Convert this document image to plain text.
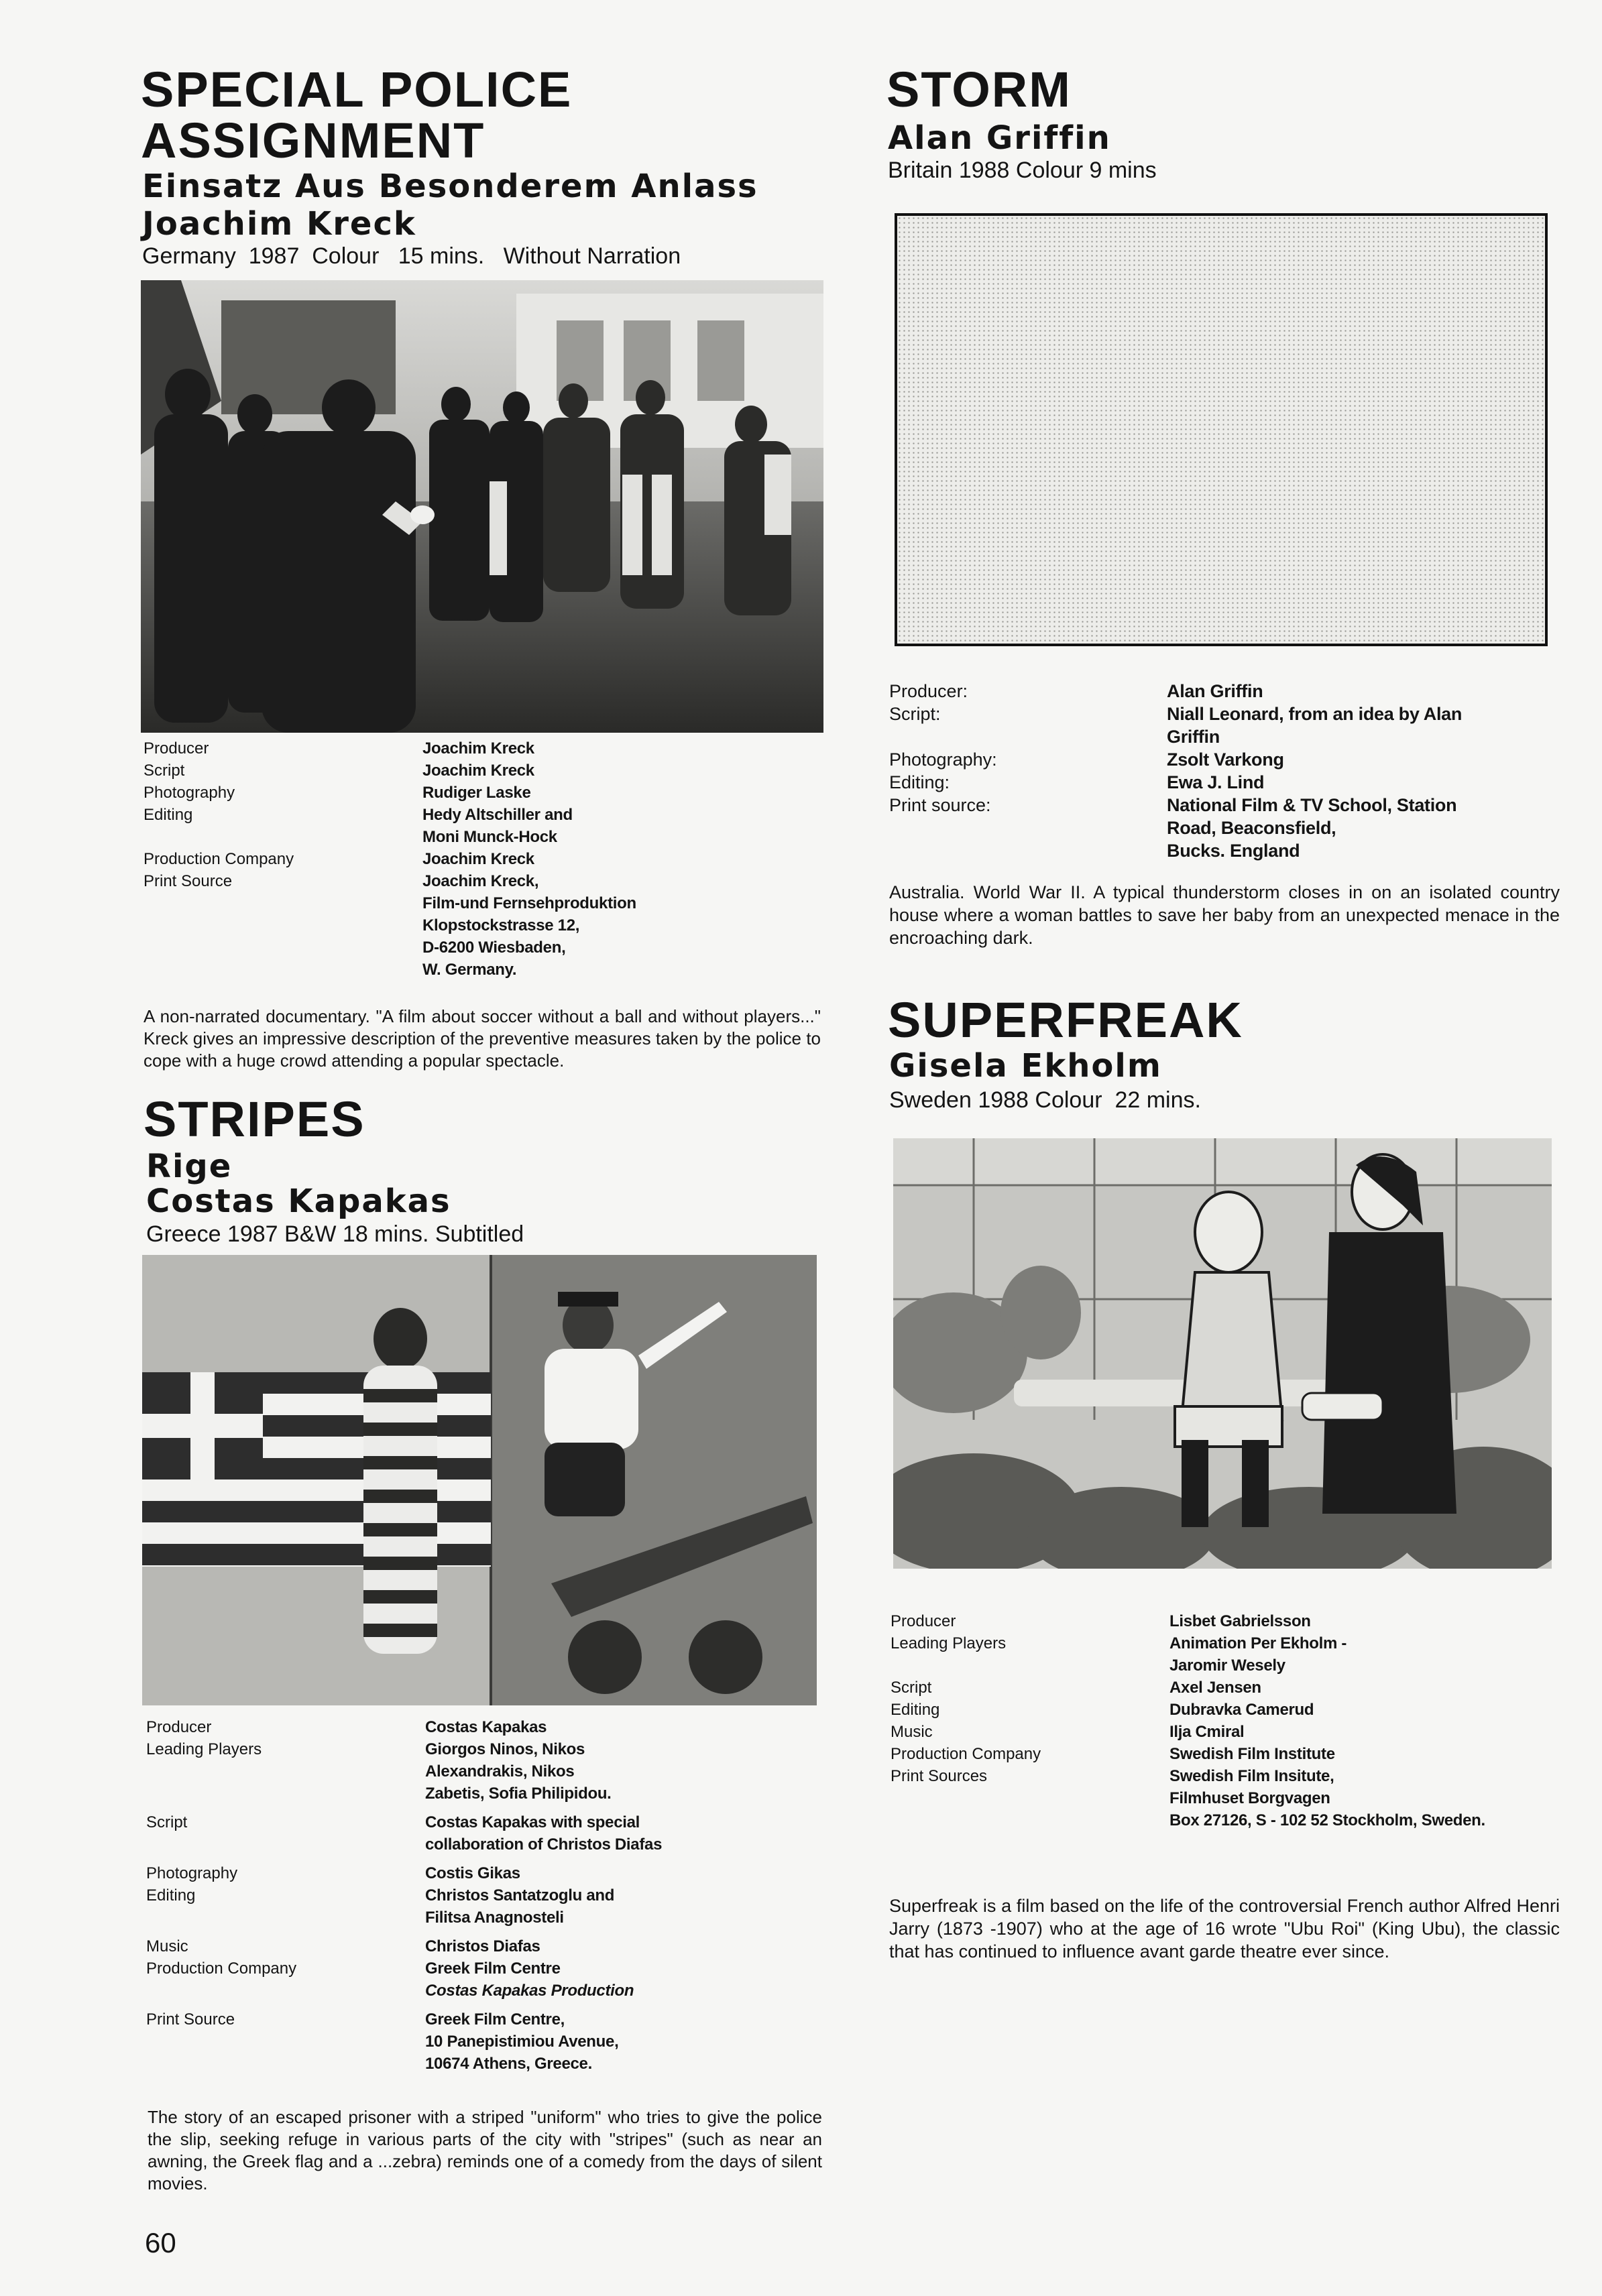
SPECIAL POLICE
ASSIGNMENT
Einsatz Aus Besonderem Anlass
Joachim Kreck
Germany  1987  Colour   15 mins.   Without Narration
Producer	Joachim Kreck
Script	Joachim Kreck
Photography	Rudiger Laske
Editing	Hedy Altschiller and
Moni Munck-Hock
Production Company	Joachim Kreck
Print Source	Joachim Kreck,
Film-und Fernsehproduktion
Klopstockstrasse 12,
D-6200 Wiesbaden,
W. Germany.
A non-narrated documentary. "A film about soccer without a ball and without players..." Kreck gives an impressive description of the preventive measures taken by the police to cope with a huge crowd attending a popular spectacle.
STRIPES
Rige
Costas Kapakas
Greece 1987 B&W 18 mins. Subtitled
Producer	Costas Kapakas
Leading Players	Giorgos Ninos, Nikos
Alexandrakis, Nikos
Zabetis, Sofia Philipidou.
Script	Costas Kapakas with special
collaboration of Christos Diafas
Photography	Costis Gikas
Editing	Christos Santatzoglu and
Filitsa Anagnosteli
Music	Christos Diafas
Production Company	Greek Film Centre
Costas Kapakas Production
Print Source	Greek Film Centre,
10 Panepistimiou Avenue,
10674 Athens, Greece.
The story of an escaped prisoner with a striped "uniform" who tries to give the police the slip, seeking refuge in various parts of the city with "stripes" (such as near an awning, the Greek flag and a ...zebra) reminds one of a comedy from the days of silent movies.
60
STORM
Alan Griffin
Britain 1988 Colour 9 mins
Producer:	Alan Griffin
Script:	Niall Leonard, from an idea by Alan
Griffin
Photography:	Zsolt Varkong
Editing:	Ewa J. Lind
Print source:	National Film & TV School, Station
Road, Beaconsfield,
Bucks. England
Australia. World War II. A typical thunderstorm closes in on an isolated country house where a woman battles to save her baby from an unexpected menace in the encroaching dark.
SUPERFREAK
Gisela Ekholm
Sweden 1988 Colour  22 mins.
Producer	Lisbet Gabrielsson
Leading Players	Animation Per Ekholm -
Jaromir Wesely
Script	Axel Jensen
Editing	Dubravka Camerud
Music	Ilja Cmiral
Production Company	Swedish Film Institute
Print Sources	Swedish Film Insitute,
Filmhuset Borgvagen
Box 27126, S - 102 52 Stockholm, Sweden.
Superfreak is a film based on the life of the controversial French author Alfred Henri Jarry (1873 -1907) who at the age of 16 wrote "Ubu Roi" (King Ubu), the classic that has continued to influence avant garde theatre ever since.
